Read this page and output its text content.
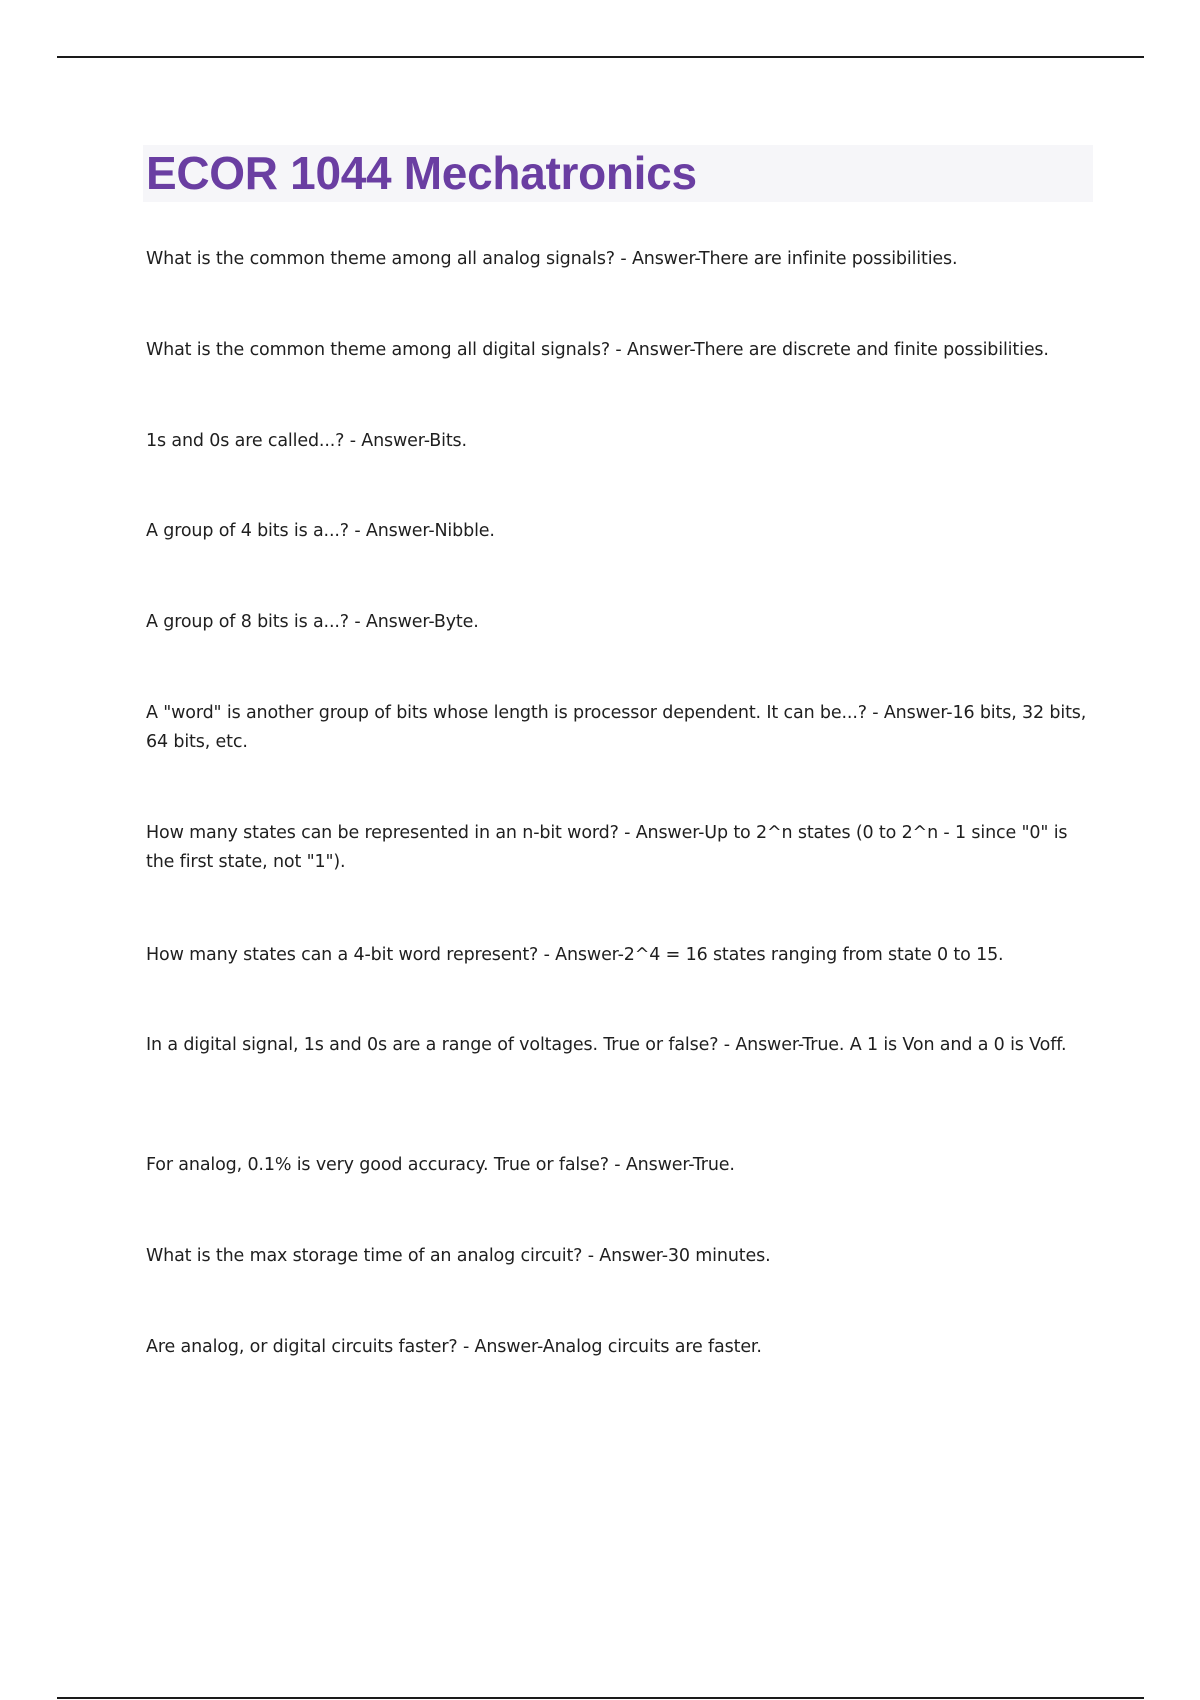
ECOR 1044 Mechatronics
What is the common theme among all analog signals? - Answer-There are infinite possibilities.
What is the common theme among all digital signals? - Answer-There are discrete and finite possibilities.
1s and 0s are called...? - Answer-Bits.
A group of 4 bits is a...? - Answer-Nibble.
A group of 8 bits is a...? - Answer-Byte.
A "word" is another group of bits whose length is processor dependent. It can be...? - Answer-16 bits, 32 bits, 64 bits, etc.
How many states can be represented in an n-bit word? - Answer-Up to 2^n states (0 to 2^n - 1 since "0" is the first state, not "1").
How many states can a 4-bit word represent? - Answer-2^4 = 16 states ranging from state 0 to 15.
In a digital signal, 1s and 0s are a range of voltages. True or false? - Answer-True. A 1 is Von and a 0 is Voff.
For analog, 0.1% is very good accuracy. True or false? - Answer-True.
What is the max storage time of an analog circuit? - Answer-30 minutes.
Are analog, or digital circuits faster? - Answer-Analog circuits are faster.
